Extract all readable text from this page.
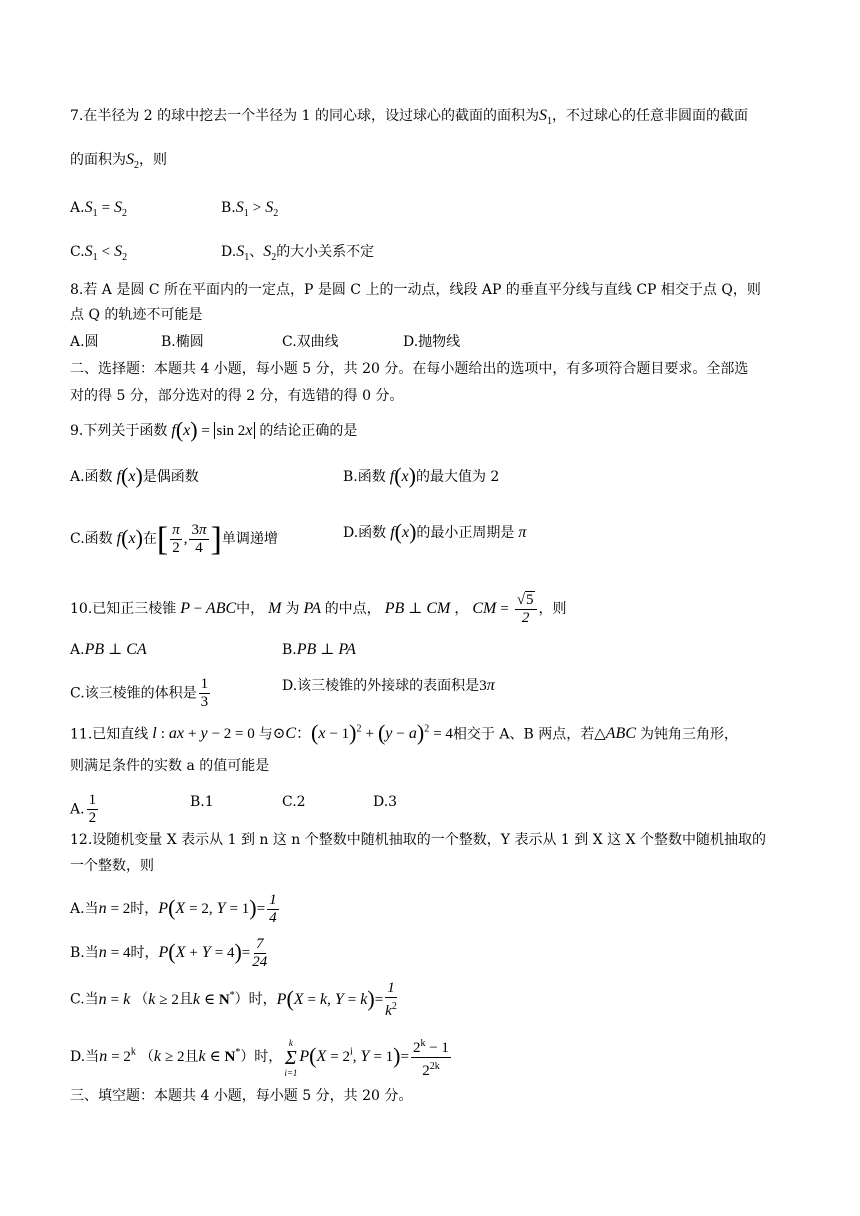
7.在半径为 2 的球中挖去一个半径为 1 的同心球，设过球心的截面的面积为$S_1$，不过球心的任意非圆面的截面
的面积为$S_2$，则
$A.S_1 = S_2$	$B.S_1 > S_2$
$C.S_1 < S_2$	$D.S_1$、$S_2$的大小关系不定
8.若 A 是圆 C 所在平面内的一定点，P 是圆 C 上的一动点，线段 AP 的垂直平分线与直线 CP 相交于点 Q，则
点 Q 的轨迹不可能是
A.圆	B.椭圆	C.双曲线	D.抛物线
二、选择题：本题共 4 小题，每小题 5 分，共 20 分。在每小题给出的选项中，有多项符合题目要求。全部选
对的得 5 分，部分选对的得 2 分，有选错的得 0 分。
9.下列关于函数 f(x) = sin 2x 的结论正确的是
A.函数 f(x)是偶函数	B.函数 f(x)的最大值为 2
C.函数 f(x)在[ $\frac{\pi}{2}$ , $\frac{3\pi}{4}$ ]单调递增	D.函数 f(x)的最小正周期是 π
10.已知正三棱锥 P − ABC中， M 为 PA 的中点， PB ⊥ CM ， CM = $\frac{√5}{2}$ ，则
A.PB ⊥ CA	B.PB ⊥ PA
C.该三棱锥的体积是 $\frac{1}{3}$	D.该三棱锥的外接球的表面积是3π
11.已知直线 l : ax + y − 2 = 0 与⊙C：$(x - 1)^2 + (y - a)^2 = 4$相交于 A、B 两点，若△ABC 为钝角三角形，
则满足条件的实数 a 的值可能是
A. $\frac{1}{2}$	B.1	C.2	D.3
12.设随机变量 X 表示从 1 到 n 这 n 个整数中随机抽取的一个整数，Y 表示从 1 到 X 这 X 个整数中随机抽取的
一个整数，则
A.当n = 2时，P(X = 2, $Y = 1)= \frac{1}{4}$
B.当n = 4时，$P(X + Y = 4)= \frac{7}{24}$
C.当n = k （k ≥ 2且k ∈ N*）时，P(X = k, $Y = k)= \frac{1}{k^2}$
D.当$n = 2^k$ （k ≥ 2且k ∈ N*）时，
k
Σ
i=1
$P(X = 2^i$, $Y = 1)= \frac{2^k - 1}{2^{2k}}$
三、填空题：本题共 4 小题，每小题 5 分，共 20 分。
